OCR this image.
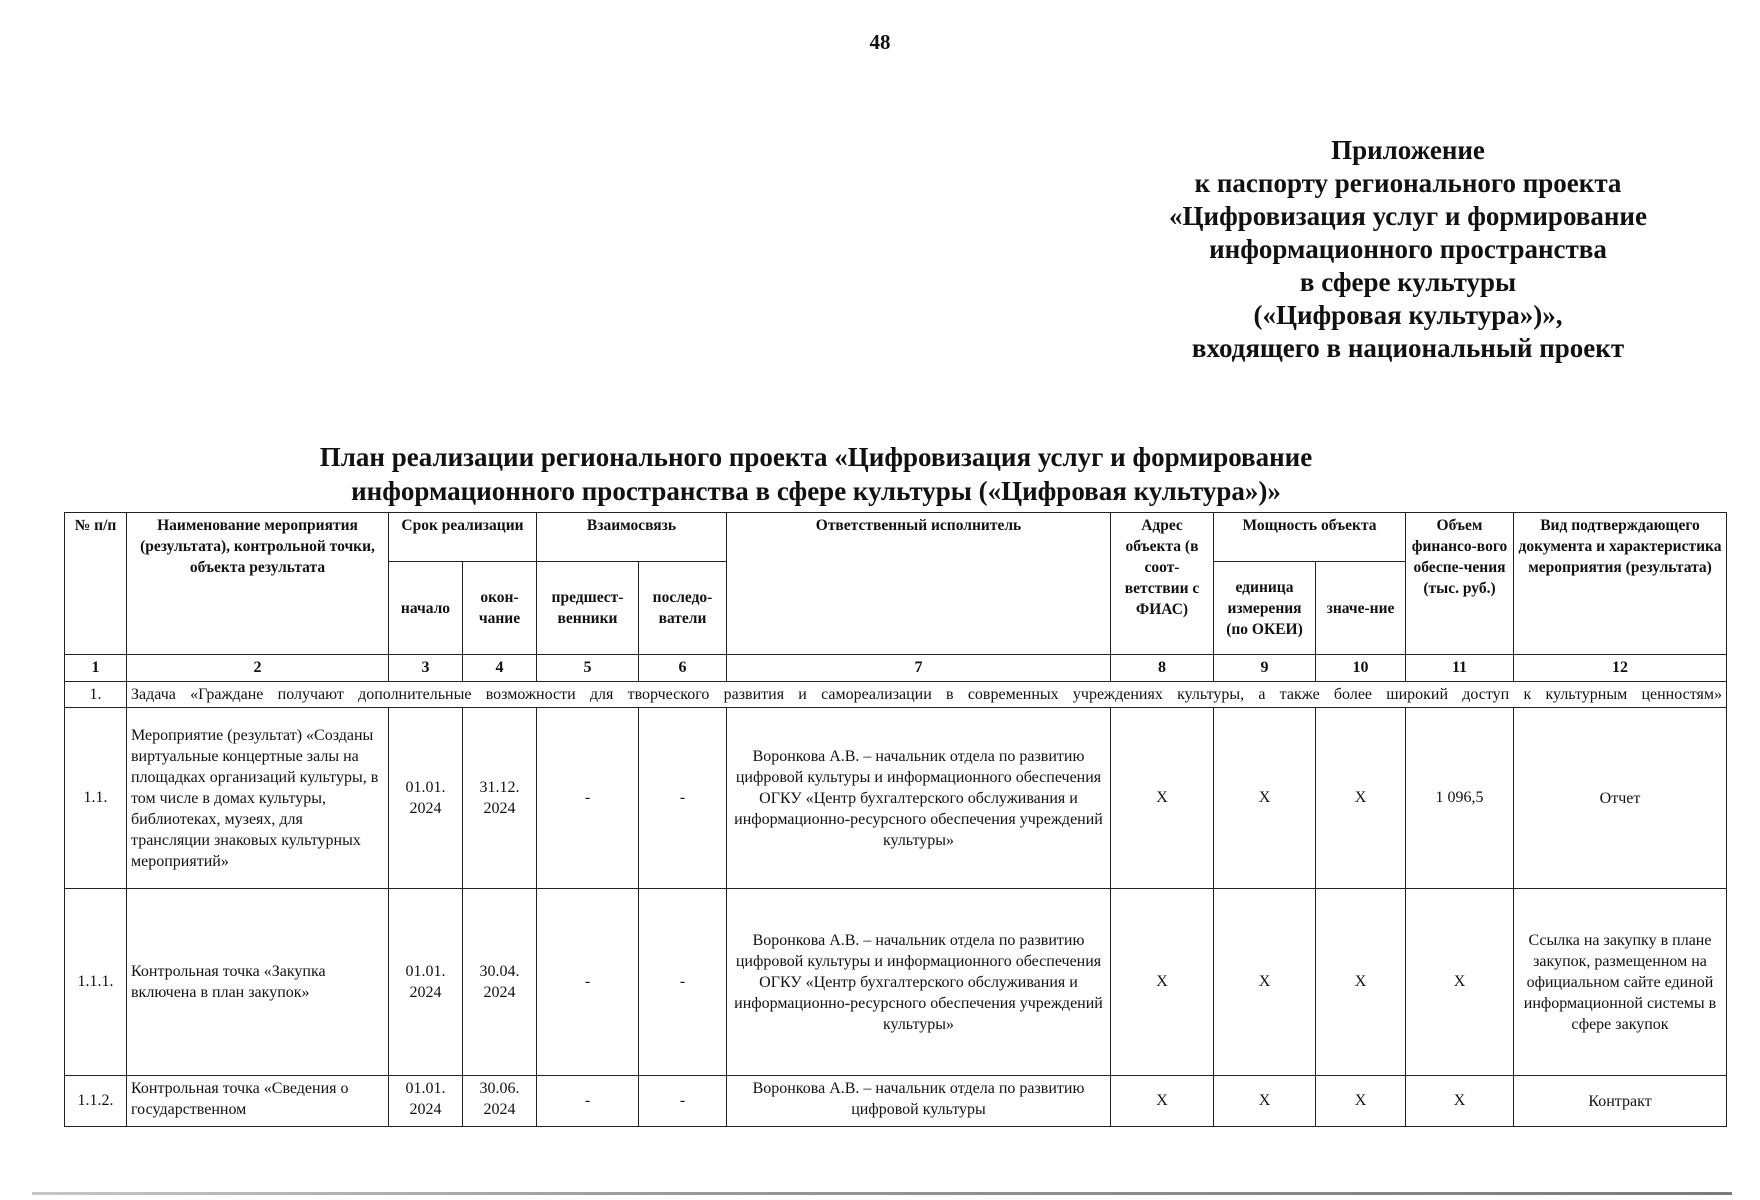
48
Приложение
к паспорту регионального проекта
«Цифровизация услуг и формирование
информационного пространства
в сфере культуры
(«Цифровая культура»)»,
входящего в национальный проект
План реализации регионального проекта «Цифровизация услуг и формирование
информационного пространства в сфере культуры («Цифровая культура»)»
№ п/п	Наименование мероприятия (результата), контрольной точки, объекта результата	Срок реализации		Взаимосвязь		Ответственный исполнитель	Адрес объекта (в соот-ветствии с ФИАС)	Мощность объекта		Объем финансо-вого обеспе-чения (тыс. руб.)	Вид подтверждающего документа и характеристика мероприятия (результата)
		начало	окон-чание	предшест-венники	последо-ватели			единица измерения (по ОКЕИ)	значе-ние		
1	2	3	4	5	6	7	8	9	10	11	12
1.	Задача «Граждане получают дополнительные возможности для творческого развития и самореализации в современных учреждениях культуры, а также более широкий доступ к культурным ценностям»										
1.1.	Мероприятие (результат) «Созданы виртуальные концертные залы на площадках организаций культуры, в том числе в домах культуры, библиотеках, музеях, для трансляции знаковых культурных мероприятий»	01.01. 2024	31.12. 2024	-	-	Воронкова А.В. – начальник отдела по развитию цифровой культуры и информационного обеспечения ОГКУ «Центр бухгалтерского обслуживания и информационно-ресурсного обеспечения учреждений культуры»	Х	Х	Х	1 096,5	Отчет
1.1.1.	Контрольная точка «Закупка включена в план закупок»	01.01. 2024	30.04. 2024	-	-	Воронкова А.В. – начальник отдела по развитию цифровой культуры и информационного обеспечения ОГКУ «Центр бухгалтерского обслуживания и информационно-ресурсного обеспечения учреждений культуры»	Х	Х	Х	Х	Ссылка на закупку в плане закупок, размещенном на официальном сайте единой информационной системы в сфере закупок
1.1.2.	Контрольная точка «Сведения о государственном	01.01. 2024	30.06. 2024	-	-	Воронкова А.В. – начальник отдела по развитию цифровой культуры	Х	Х	Х	Х	Контракт
